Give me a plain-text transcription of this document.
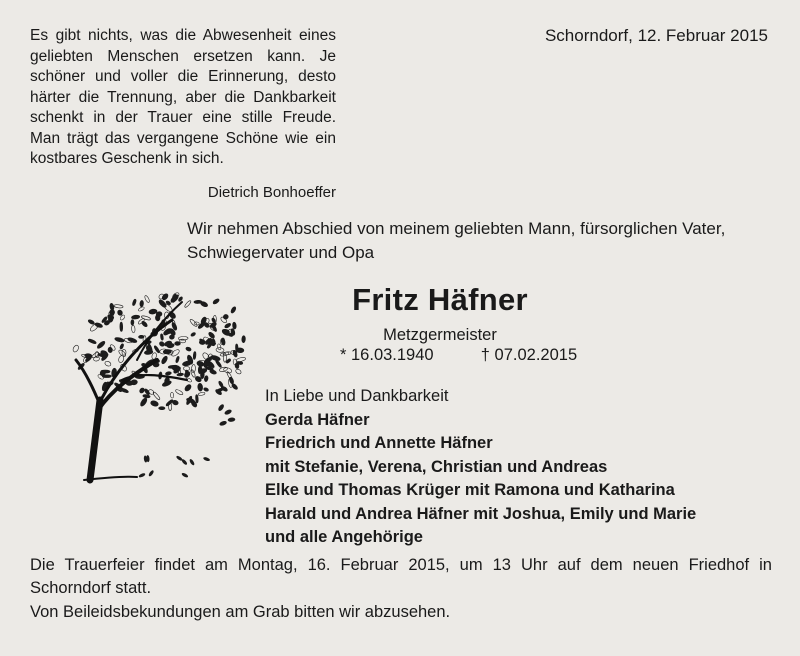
Es gibt nichts, was die Abwesenheit eines geliebten Menschen ersetzen kann. Je schöner und voller die Erinnerung, desto härter die Trennung, aber die Dankbarkeit schenkt in der Trauer eine stille Freude. Man trägt das vergangene Schöne wie ein kostbares Geschenk in sich.
Dietrich Bonhoeffer
Schorndorf, 12. Februar 2015
Wir nehmen Abschied von meinem geliebten Mann, fürsorglichen Vater, Schwiegervater und Opa
Fritz Häfner
Metzgermeister
* 16.03.1940	† 07.02.2015
In Liebe und Dankbarkeit
Gerda Häfner
Friedrich und Annette Häfner
mit Stefanie, Verena, Christian und Andreas
Elke und Thomas Krüger mit Ramona und Katharina
Harald und Andrea Häfner mit Joshua, Emily und Marie
und alle Angehörige
Die Trauerfeier findet am Montag, 16. Februar 2015, um 13 Uhr auf dem neuen Friedhof in Schorndorf statt.
Von Beileidsbekundungen am Grab bitten wir abzusehen.
